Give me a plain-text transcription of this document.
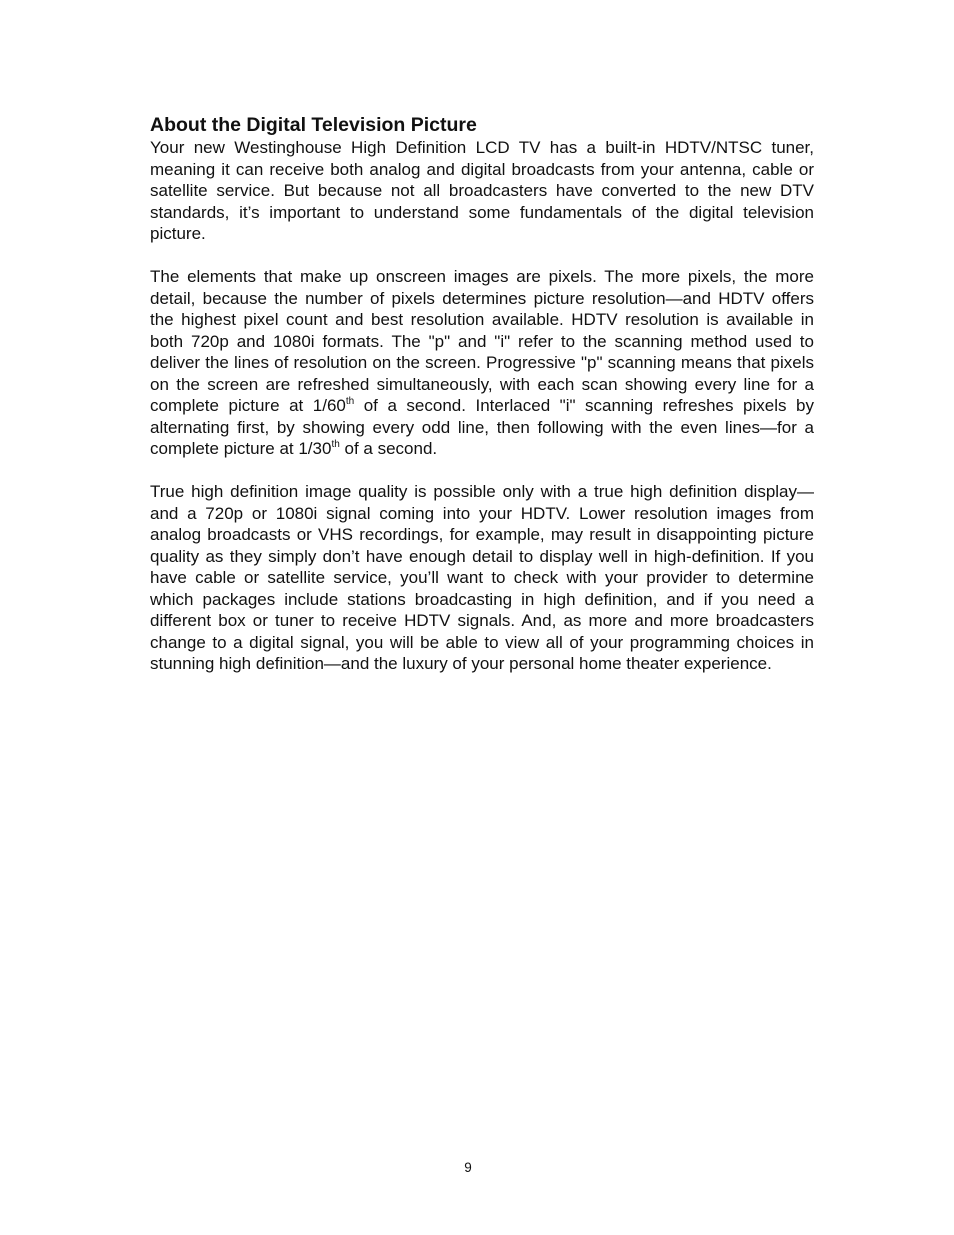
About the Digital Television Picture

Your new Westinghouse High Definition LCD TV has a built-in HDTV/NTSC tuner, meaning it can receive both analog and digital broadcasts from your antenna, cable or satellite service. But because not all broadcasters have converted to the new DTV standards, it’s important to understand some fundamentals of the digital television picture.

The elements that make up onscreen images are pixels. The more pixels, the more detail, because the number of pixels determines picture resolution—and HDTV offers the highest pixel count and best resolution available. HDTV resolution is available in both 720p and 1080i formats. The "p" and "i" refer to the scanning method used to deliver the lines of resolution on the screen. Progressive "p" scanning means that pixels on the screen are refreshed simultaneously, with each scan showing every line for a complete picture at 1/60th of a second. Interlaced "i" scanning refreshes pixels by alternating first, by showing every odd line, then following with the even lines—for a complete picture at 1/30th of a second.

True high definition image quality is possible only with a true high definition display—and a 720p or 1080i signal coming into your HDTV. Lower resolution images from analog broadcasts or VHS recordings, for example, may result in disappointing picture quality as they simply don’t have enough detail to display well in high-definition. If you have cable or satellite service, you’ll want to check with your provider to determine which packages include stations broadcasting in high definition, and if you need a different box or tuner to receive HDTV signals. And, as more and more broadcasters change to a digital signal, you will be able to view all of your programming choices in stunning high definition—and the luxury of your personal home theater experience.

9
